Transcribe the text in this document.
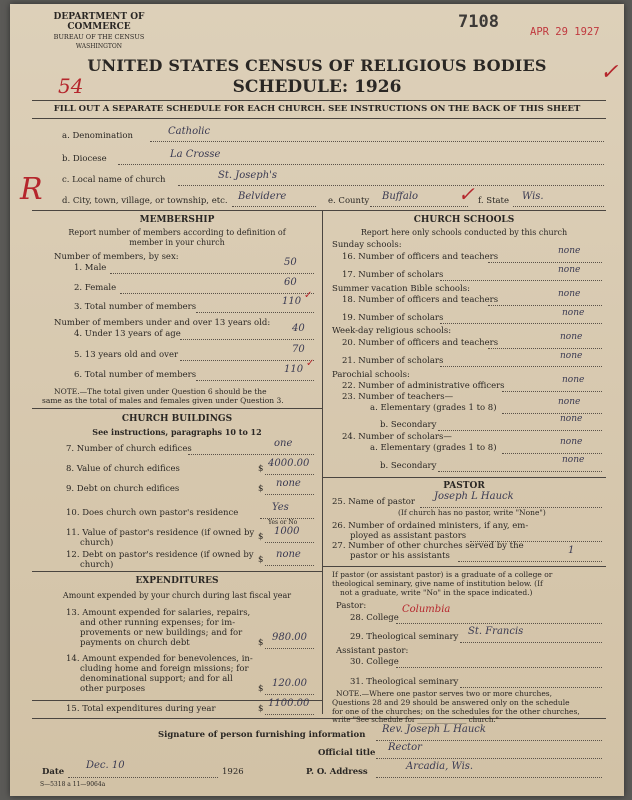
DEPARTMENT OF COMMERCE
BUREAU OF THE CENSUS
WASHINGTON
7108	APR 29 1927
✓
54
UNITED STATES CENSUS OF RELIGIOUS BODIES
SCHEDULE: 1926
FILL OUT A SEPARATE SCHEDULE FOR EACH CHURCH. SEE INSTRUCTIONS ON THE BACK OF THIS SHEET
R
a. Denomination	Catholic
b. Diocese	La Crosse
c. Local name of church	St. Joseph's
d. City, town, village, or township, etc. Belvidere	e. County Buffalo ✓ f. State Wis.
MEMBERSHIP
Report number of members according to definition of
member in your church
Number of members, by sex:
1. Male	50
2. Female	60
3. Total number of members	110
✓
Number of members under and over 13 years old:
4. Under 13 years of age	40
5. 13 years old and over	70
6. Total number of members	110
✓
NOTE.—The total given under Question 6 should be the
same as the total of males and females given under Question 3.
CHURCH BUILDINGS
See instructions, paragraphs 10 to 12
7. Number of church edifices	one
8. Value of church edifices	$ 4000.00
9. Debt on church edifices	$ none
10. Does church own pastor's residence	Yes
Yes or No
11. Value of pastor's residence (if owned by
church)
$ 1000
12. Debt on pastor's residence (if owned by
church)	$ none
EXPENDITURES
Amount expended by your church during last fiscal year
13. Amount expended for salaries, repairs,
and other running expenses; for im-
provements or new buildings; and for
payments on church debt	$ 980.00
14. Amount expended for benevolences, in-
cluding home and foreign missions; for
denominational support; and for all
other purposes	$ 120.00
15. Total expenditures during year	$ 1100.00
CHURCH SCHOOLS
Report here only schools conducted by this church
Sunday schools:
16. Number of officers and teachers
none
17. Number of scholars	none
Summer vacation Bible schools:
18. Number of officers and teachers
none
19. Number of scholars	none
Week-day religious schools:
20. Number of officers and teachers
none
21. Number of scholars	none
Parochial schools:
22. Number of administrative officers
none
23. Number of teachers—
a. Elementary (grades 1 to 8)
none
b. Secondary
none
24. Number of scholars—
a. Elementary (grades 1 to 8)
none
b. Secondary
none
PASTOR
25. Name of pastor Joseph L Hauck
(If church has no pastor, write "None")
26. Number of ordained ministers, if any, em-
ployed as assistant pastors
27. Number of other churches served by the
pastor or his assistants	1
If pastor (or assistant pastor) is a graduate of a college or
theological seminary, give name of institution below. (If
not a graduate, write "No" in the space indicated.)
Pastor:
28. College
Columbia
29. Theological seminary St. Francis
Assistant pastor:
30. College
31. Theological seminary
NOTE.—Where one pastor serves two or more churches,
Questions 28 and 29 should be answered only on the schedule
for one of the churches; on the schedules for the other churches,
write "See schedule for ______________ church."
Signature of person furnishing information Rev. Joseph L Hauck
Official title Rector
Date
Dec. 10
1926	P. O. Address	Arcadia, Wis.
S—5318 a 11—9064a
